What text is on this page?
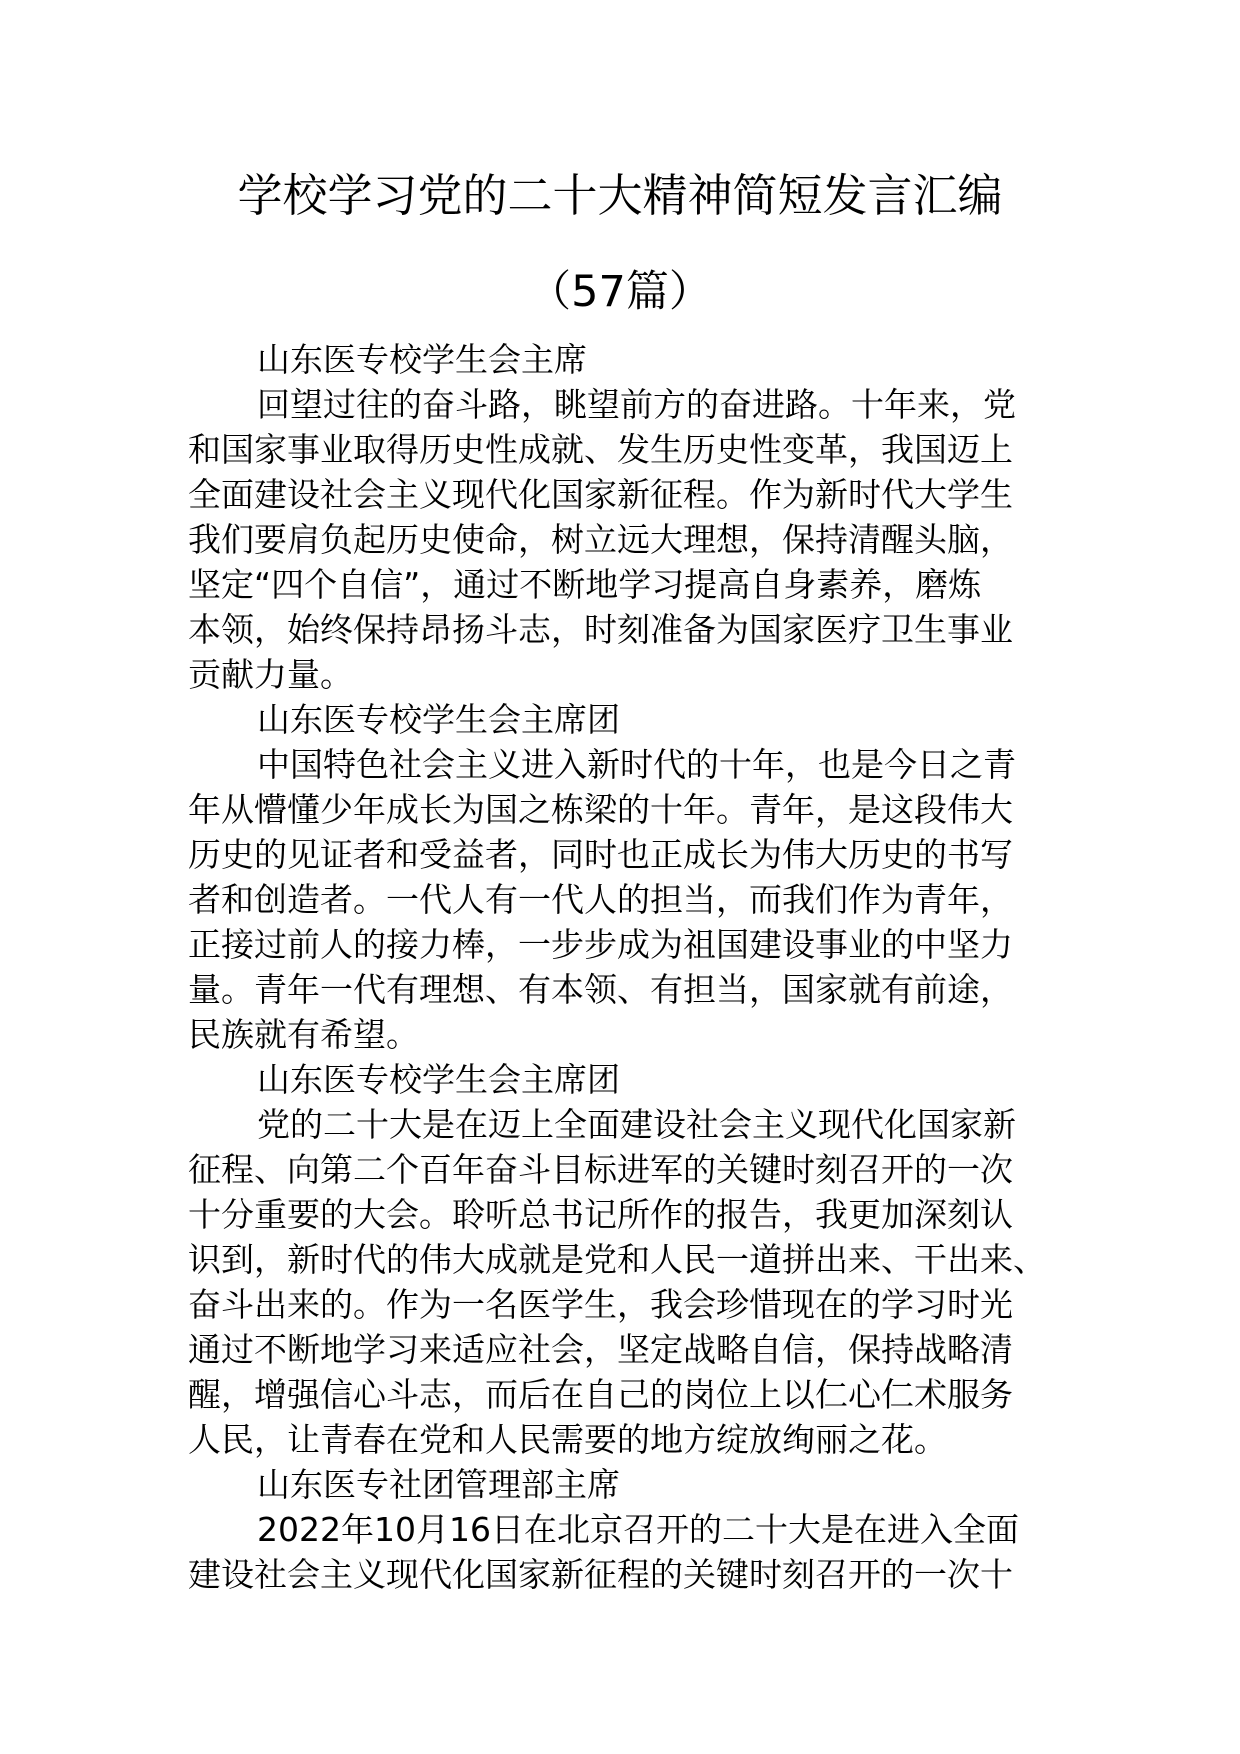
学校学习党的二十大精神简短发言汇编
（57篇）
山东医专校学生会主席
回望过往的奋斗路，眺望前方的奋进路。十年来，党
和国家事业取得历史性成就、发生历史性变革，我国迈上
全面建设社会主义现代化国家新征程。作为新时代大学生
我们要肩负起历史使命，树立远大理想，保持清醒头脑，
坚定“四个自信”，通过不断地学习提高自身素养，磨炼
本领，始终保持昂扬斗志，时刻准备为国家医疗卫生事业
贡献力量。
山东医专校学生会主席团
中国特色社会主义进入新时代的十年，也是今日之青
年从懵懂少年成长为国之栋梁的十年。青年，是这段伟大
历史的见证者和受益者，同时也正成长为伟大历史的书写
者和创造者。一代人有一代人的担当，而我们作为青年，
正接过前人的接力棒，一步步成为祖国建设事业的中坚力
量。青年一代有理想、有本领、有担当，国家就有前途，
民族就有希望。
山东医专校学生会主席团
党的二十大是在迈上全面建设社会主义现代化国家新
征程、向第二个百年奋斗目标进军的关键时刻召开的一次
十分重要的大会。聆听总书记所作的报告，我更加深刻认
识到，新时代的伟大成就是党和人民一道拼出来、干出来、
奋斗出来的。作为一名医学生，我会珍惜现在的学习时光
通过不断地学习来适应社会，坚定战略自信，保持战略清
醒，增强信心斗志，而后在自己的岗位上以仁心仁术服务
人民，让青春在党和人民需要的地方绽放绚丽之花。
山东医专社团管理部主席
2022年10月16日在北京召开的二十大是在进入全面
建设社会主义现代化国家新征程的关键时刻召开的一次十
